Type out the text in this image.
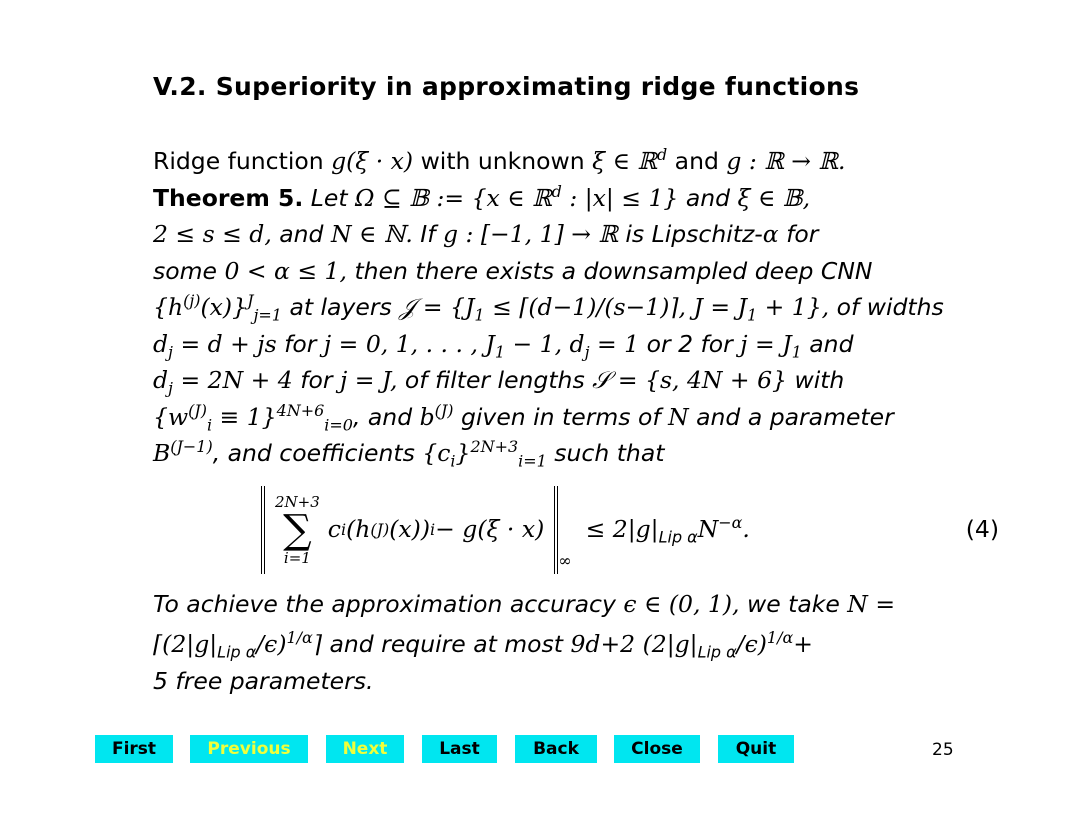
V.2. Superiority in approximating ridge functions
Ridge function g(ξ · x) with unknown ξ ∈ ℝ$^d$ and g : ℝ → ℝ.
Theorem 5. Let Ω ⊆ 𝔹 := {x ∈ ℝ$^d$ : |x| ≤ 1} and ξ ∈ 𝔹,
2 ≤ s ≤ d, and N ∈ ℕ. If g : [−1, 1] → ℝ is Lipschitz-α for
some 0 < α ≤ 1, then there exists a downsampled deep CNN
$\{h^{(j)}(x)\}^J_{j=1}$ at layers 𝒥 = {$J_1$ ≤ ⌈(d−1)/(s−1)⌉, $J = J_1 + 1$}, of widths
$d_j = d$ + js for j = 0, 1, . . . , $J_1 - 1$, $d_j = 1$ or 2 for $j = J_1$ and
$d_j = 2N + 4$ for j = J, of filter lengths 𝒮 = {s, 4N + 6} with
$\{w^{(J)}_i \equiv 1\}^{4N+6}_{i=0}$, and $b^{(J)}$ given in terms of N and a parameter
$B^{(J-1)}$, and coefficients $\{c_i\}^{2N+3}_{i=1}$ such that
2N+3
∑
i=1
c i (h (J) (x)) i − g(ξ · x)
∞
≤ $2|g|_{Lip \alpha}N^{-\alpha}$.	(4)
To achieve the approximation accuracy ϵ ∈ (0, 1), we take N =
$⌈(2|g|_{Lip \alpha}/\epsilon)^{1/\alpha}⌉$ and require at most 9d+2 $(2|g|_{Lip \alpha}/\epsilon)^{1/\alpha}+$
5 free parameters.
First	Previous	Next	Last	Back	Close	Quit	25
